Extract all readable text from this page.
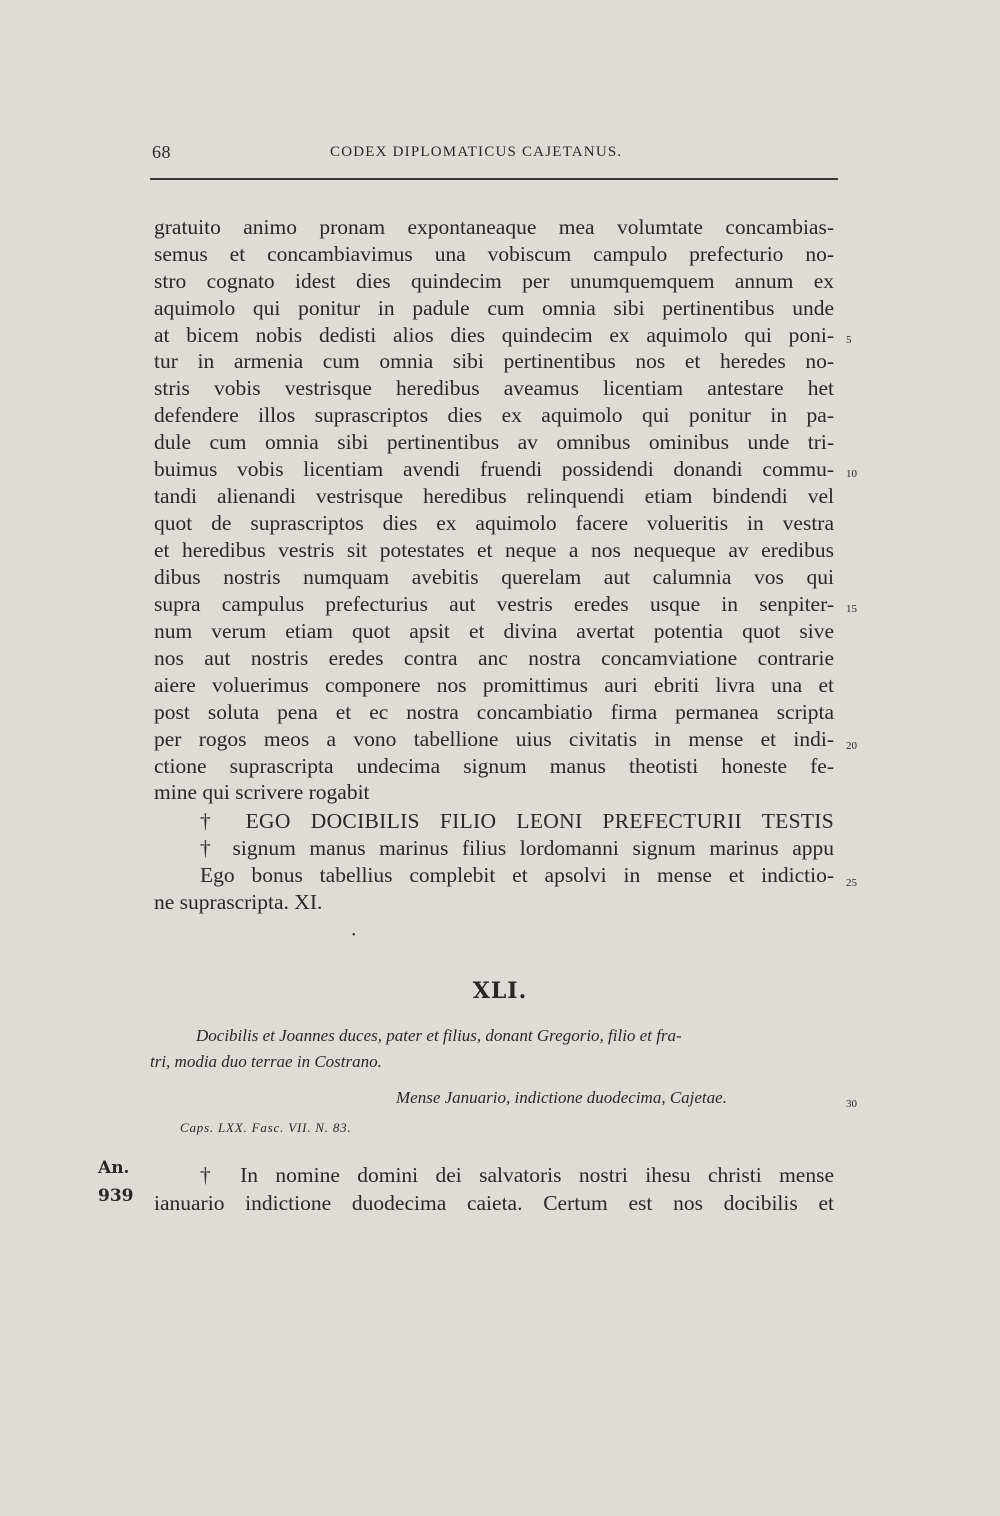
68	CODEX DIPLOMATICUS CAJETANUS.
gratuito animo pronam expontaneaque mea volumtate concambias-
semus et concambiavimus una vobiscum campulo prefecturio no-
stro cognato idest dies quindecim per unumquemquem annum ex
aquimolo qui ponitur in padule cum omnia sibi pertinentibus unde
at bicem nobis dedisti alios dies quindecim ex aquimolo qui poni-
tur in armenia cum omnia sibi pertinentibus nos et heredes no-
stris vobis vestrisque heredibus aveamus licentiam antestare het
defendere illos suprascriptos dies ex aquimolo qui ponitur in pa-
dule cum omnia sibi pertinentibus av omnibus ominibus unde tri-
buimus vobis licentiam avendi fruendi possidendi donandi commu-
tandi alienandi vestrisque heredibus relinquendi etiam bindendi vel
quot de suprascriptos dies ex aquimolo facere volueritis in vestra
et heredibus vestris sit potestates et neque a nos nequeque av eredibus
dibus nostris numquam avebitis querelam aut calumnia vos qui
supra campulus prefecturius aut vestris eredes usque in senpiter-
num verum etiam quot apsit et divina avertat potentia quot sive
nos aut nostris eredes contra anc nostra concamviatione contrarie
aiere voluerimus componere nos promittimus auri ebriti livra una et
post soluta pena et ec nostra concambiatio firma permanea scripta
per rogos meos a vono tabellione uius civitatis in mense et indi-
ctione suprascripta undecima signum manus theotisti honeste fe-
mine qui scrivere rogabit
† EGO DOCIBILIS FILIO LEONI PREFECTURII TESTIS
† signum manus marinus filius lordomanni signum marinus appu
Ego bonus tabellius complebit et apsolvi in mense et indictio-
ne suprascripta. XI.
5
10
15
20
25
30
•
XLI.
Docibilis et Joannes duces, pater et filius, donant Gregorio, filio et fra-
tri, modia duo terrae in Costrano.
Mense Januario, indictione duodecima, Cajetae.
Caps. LXX. Fasc. VII. N. 83.
An.
939
† In nomine domini dei salvatoris nostri ihesu christi mense
ianuario indictione duodecima caieta. Certum est nos docibilis et
